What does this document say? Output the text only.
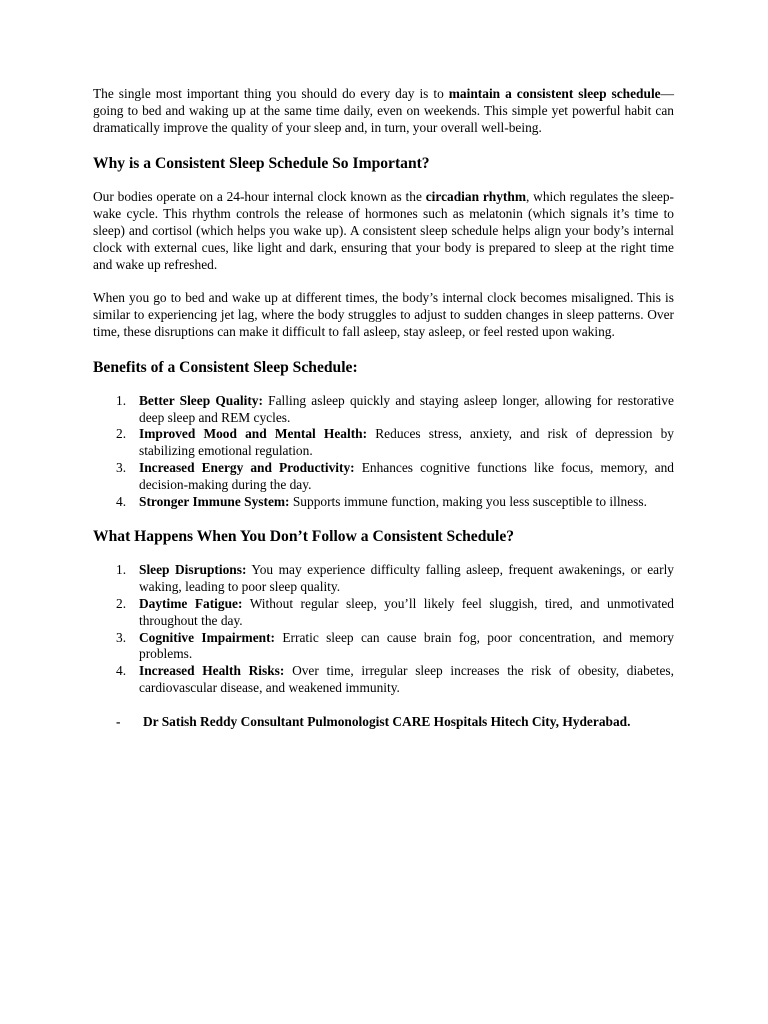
The single most important thing you should do every day is to maintain a consistent sleep schedule—going to bed and waking up at the same time daily, even on weekends. This simple yet powerful habit can dramatically improve the quality of your sleep and, in turn, your overall well-being.

Why is a Consistent Sleep Schedule So Important?

Our bodies operate on a 24-hour internal clock known as the circadian rhythm, which regulates the sleep-wake cycle. This rhythm controls the release of hormones such as melatonin (which signals it’s time to sleep) and cortisol (which helps you wake up). A consistent sleep schedule helps align your body’s internal clock with external cues, like light and dark, ensuring that your body is prepared to sleep at the right time and wake up refreshed.

When you go to bed and wake up at different times, the body’s internal clock becomes misaligned. This is similar to experiencing jet lag, where the body struggles to adjust to sudden changes in sleep patterns. Over time, these disruptions can make it difficult to fall asleep, stay asleep, or feel rested upon waking.

Benefits of a Consistent Sleep Schedule:
1. Better Sleep Quality: Falling asleep quickly and staying asleep longer, allowing for restorative deep sleep and REM cycles.
2. Improved Mood and Mental Health: Reduces stress, anxiety, and risk of depression by stabilizing emotional regulation.
3. Increased Energy and Productivity: Enhances cognitive functions like focus, memory, and decision-making during the day.
4. Stronger Immune System: Supports immune function, making you less susceptible to illness.
What Happens When You Don’t Follow a Consistent Schedule?
1. Sleep Disruptions: You may experience difficulty falling asleep, frequent awakenings, or early waking, leading to poor sleep quality.
2. Daytime Fatigue: Without regular sleep, you’ll likely feel sluggish, tired, and unmotivated throughout the day.
3. Cognitive Impairment: Erratic sleep can cause brain fog, poor concentration, and memory problems.
4. Increased Health Risks: Over time, irregular sleep increases the risk of obesity, diabetes, cardiovascular disease, and weakened immunity.
- Dr Satish Reddy Consultant Pulmonologist CARE Hospitals Hitech City, Hyderabad.
